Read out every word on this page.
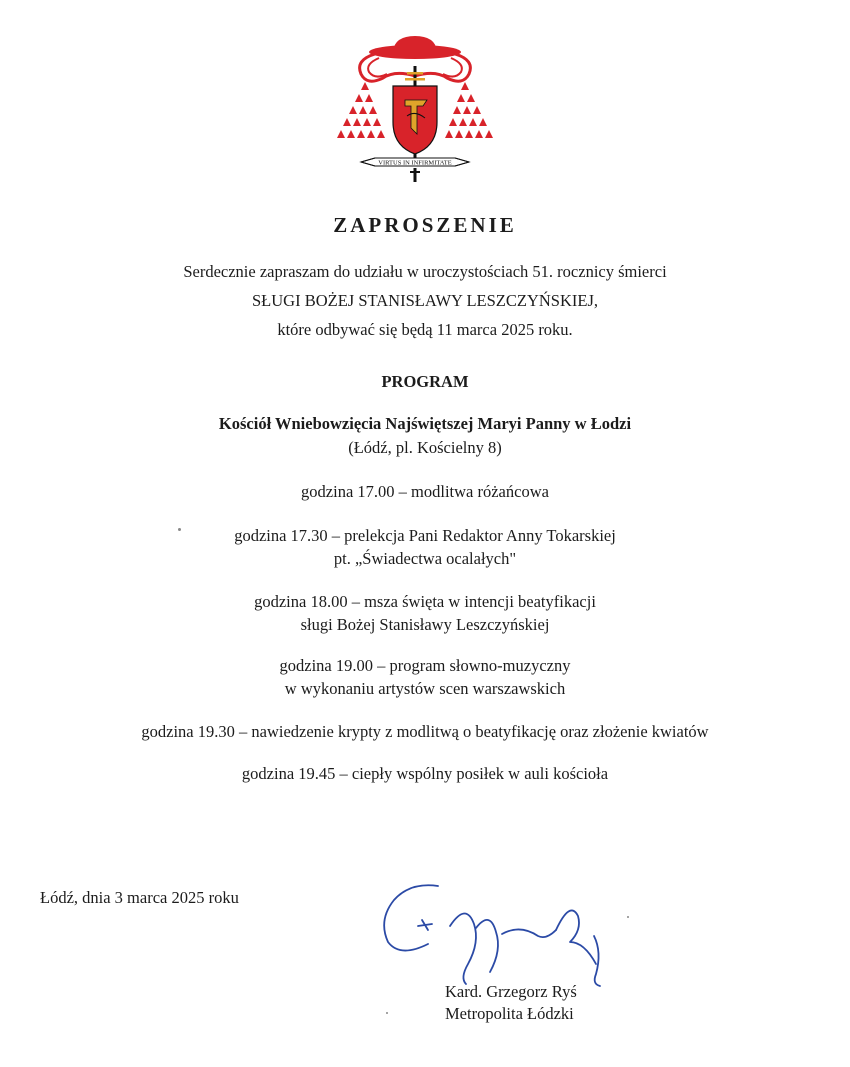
VIRTUS IN INFIRMITATE
ZAPROSZENIE
Serdecznie zapraszam do udziału w uroczystościach 51. rocznicy śmierci
SŁUGI BOŻEJ STANISŁAWY LESZCZYŃSKIEJ,
które odbywać się będą 11 marca 2025 roku.
PROGRAM
Kościół Wniebowzięcia Najświętszej Maryi Panny w Łodzi
(Łódź, pl. Kościelny 8)
godzina 17.00 – modlitwa różańcowa
godzina 17.30 – prelekcja Pani Redaktor Anny Tokarskiej
pt. „Świadectwa ocalałych"
godzina 18.00 – msza święta w intencji beatyfikacji
sługi Bożej Stanisławy Leszczyńskiej
godzina 19.00 – program słowno-muzyczny
w wykonaniu artystów scen warszawskich
godzina 19.30 – nawiedzenie krypty z modlitwą o beatyfikację oraz złożenie kwiatów
godzina 19.45 – ciepły wspólny posiłek w auli kościoła
Łódź, dnia 3 marca 2025 roku
Kard. Grzegorz Ryś
Metropolita Łódzki
